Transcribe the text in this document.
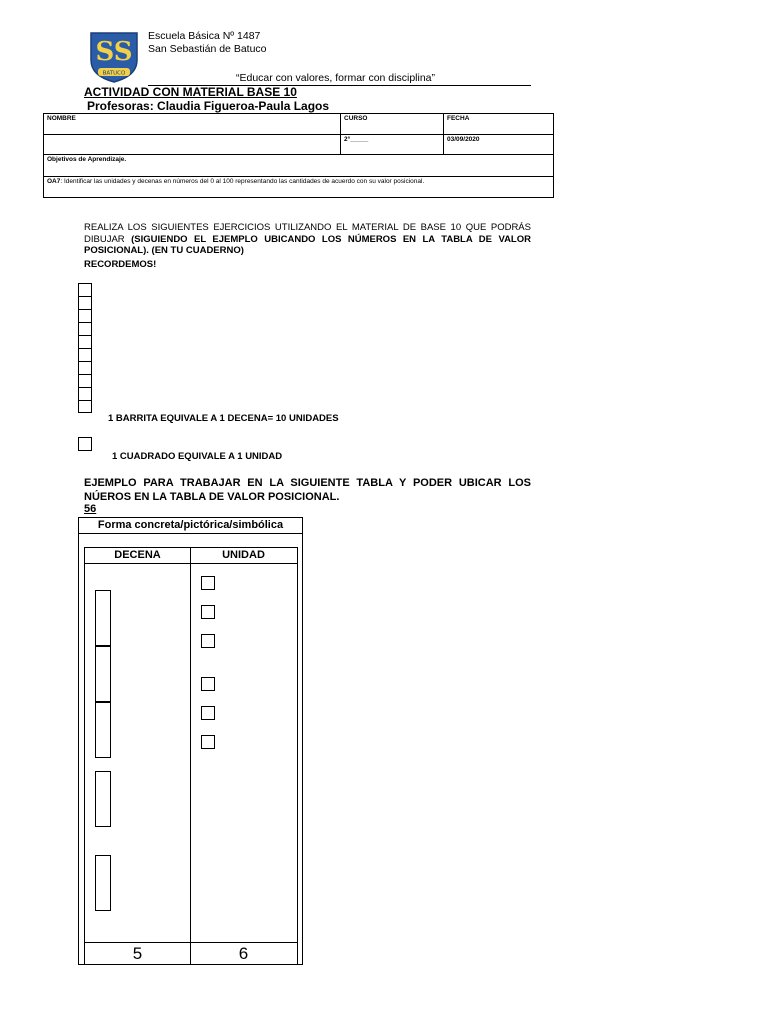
SS
BATUCO
Escuela Básica Nº 1487
San Sebastián de Batuco
“Educar con valores, formar con disciplina”
ACTIVIDAD CON MATERIAL BASE 10
Profesoras: Claudia Figueroa-Paula Lagos
NOMBRE	CURSO	FECHA
	2°_____	03/09/2020
Objetivos de Aprendizaje.		
OA7: Identificar las unidades y decenas en números del 0 al 100 representando las cantidades de acuerdo con su valor posicional.		
REALIZA LOS SIGUIENTES EJERCICIOS UTILIZANDO EL MATERIAL DE BASE 10 QUE PODRÁS DIBUJAR (SIGUIENDO EL EJEMPLO UBICANDO LOS NÚMEROS EN LA TABLA DE VALOR POSICIONAL). (EN TU CUADERNO)
RECORDEMOS!
1 BARRITA EQUIVALE A 1 DECENA= 10 UNIDADES
1 CUADRADO EQUIVALE A 1 UNIDAD
EJEMPLO PARA TRABAJAR EN LA SIGUIENTE TABLA Y PODER UBICAR LOS NÚEROS EN LA TABLA DE VALOR POSICIONAL.
56
Forma concreta/pictórica/simbólica
DECENA	UNIDAD
5	6
